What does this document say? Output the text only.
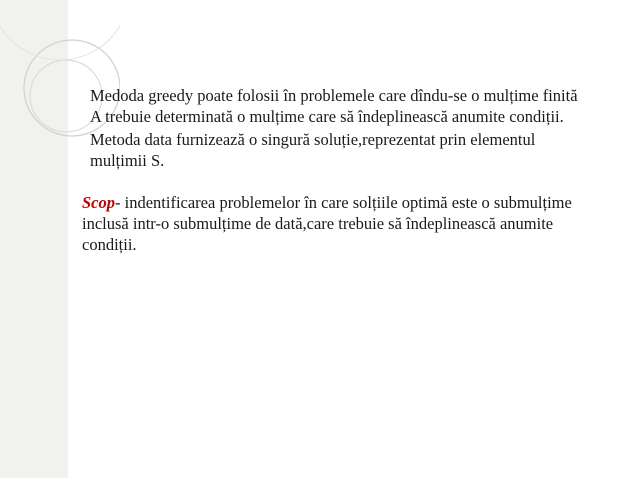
Medoda greedy poate folosii în problemele care dîndu-se o mulțime finită A trebuie determinată o mulțime care să îndeplinească anumite condiții.

Metoda data furnizează o singură soluție,reprezentat prin elementul mulțimii S.

Scop- indentificarea problemelor în care solțiile optimă este o submulțime inclusă intr-o submulțime de dată,care trebuie să îndeplinească anumite condiții.
